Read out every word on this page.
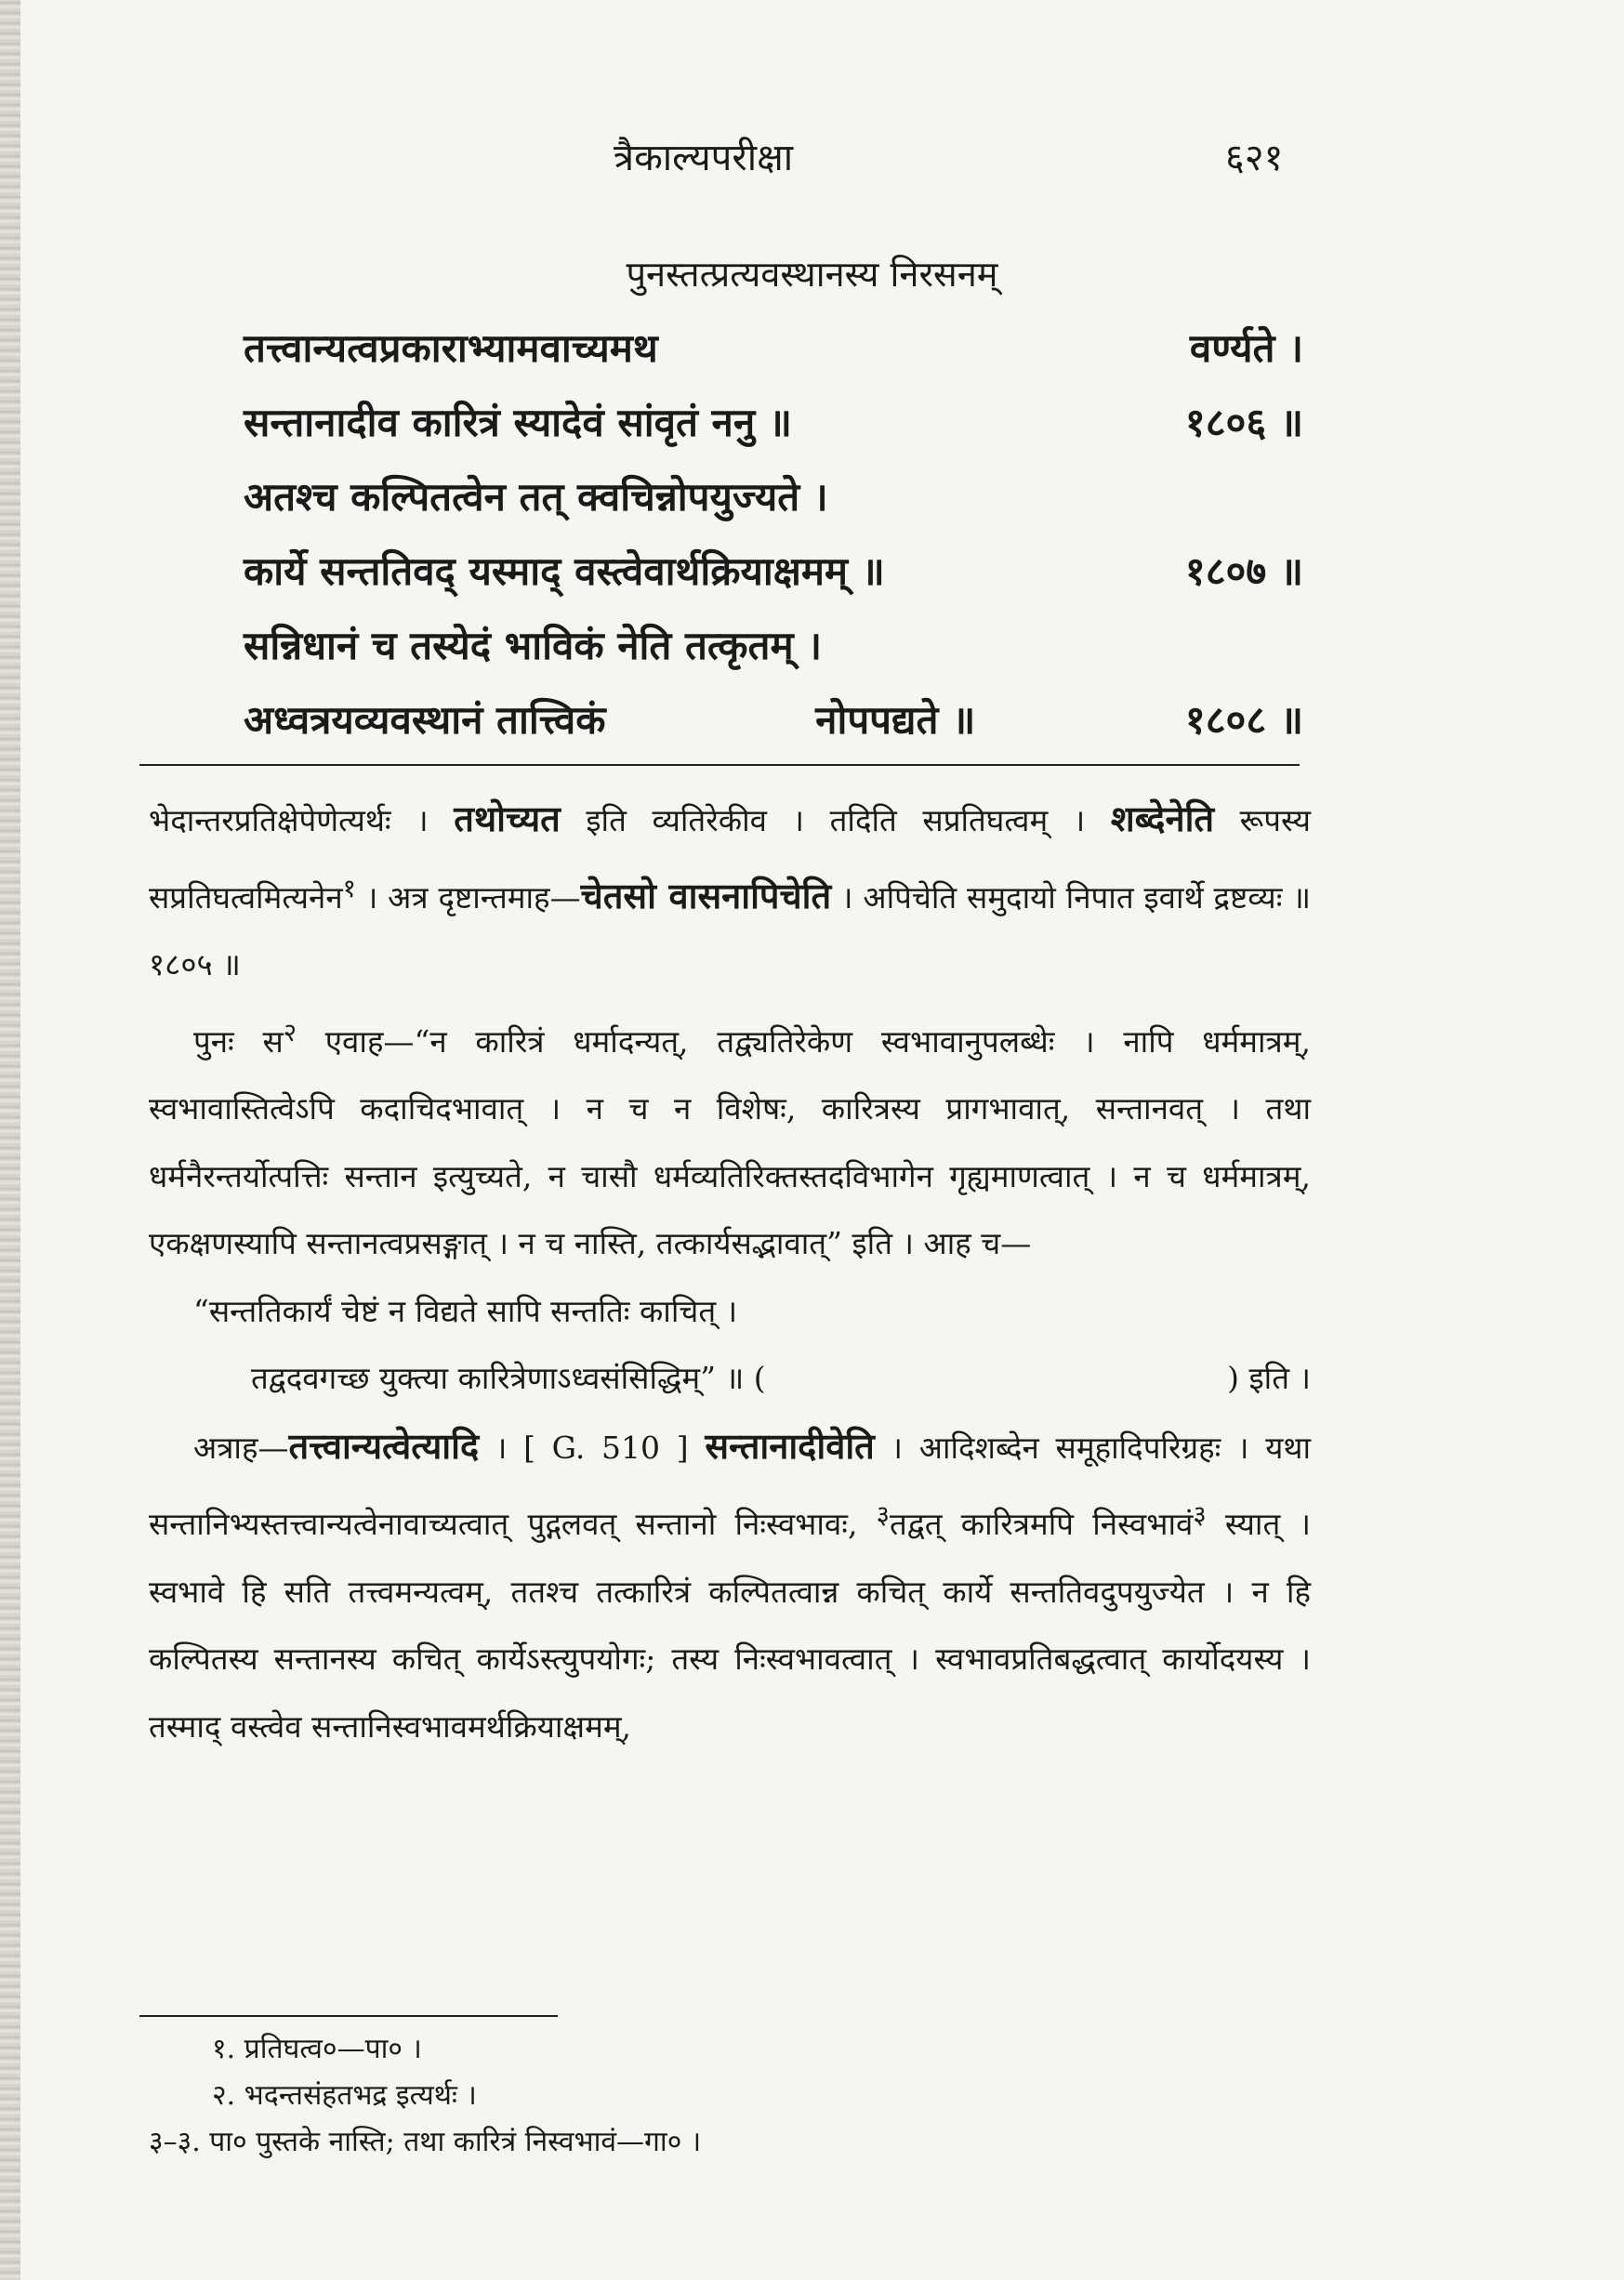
त्रैकाल्यपरीक्षा	६२१
पुनस्तत्प्रत्यवस्थानस्य निरसनम्
तत्त्वान्यत्वप्रकाराभ्यामवाच्यमथ	वर्ण्यते ।
सन्तानादीव कारित्रं स्यादेवं सांवृतं ननु ॥	१८०६ ॥
अतश्च कल्पितत्वेन तत् क्वचिन्नोपयुज्यते ।
कार्ये सन्ततिवद् यस्माद् वस्त्वेवार्थक्रियाक्षमम् ॥	१८०७ ॥
सन्निधानं च तस्येदं भाविकं नेति तत्कृतम् ।
अध्वत्रयव्यवस्थानं तात्त्विकं	नोपपद्यते ॥	१८०८ ॥

भेदान्तरप्रतिक्षेपेणेत्यर्थः । तथोच्यत इति व्यतिरेकीव । तदिति सप्रतिघत्वम् । शब्देनेति रूपस्य सप्रतिघत्वमित्यनेन$^१$ । अत्र दृष्टान्तमाह—चेतसो वासनापिचेति । अपिचेति समुदायो निपात इवार्थे द्रष्टव्यः ॥ १८०५ ॥

पुनः स$^२$ एवाह—“न कारित्रं धर्मादन्यत्, तद्व्यतिरेकेण स्वभावानुपलब्धेः । नापि धर्ममात्रम्, स्वभावास्तित्वेऽपि कदाचिदभावात् । न च न विशेषः, कारित्रस्य प्रागभावात्, सन्तानवत् । तथा धर्मनैरन्तर्योत्पत्तिः सन्तान इत्युच्यते, न चासौ धर्मव्यतिरिक्तस्तदविभागेन गृह्यमाणत्वात् । न च धर्ममात्रम्, एकक्षणस्यापि सन्तानत्वप्रसङ्गात् । न च नास्ति, तत्कार्यसद्भावात्” इति । आह च—

“सन्ततिकार्यं चेष्टं न विद्यते सापि सन्ततिः काचित् ।
तद्वदवगच्छ युक्त्या कारित्रेणाऽध्वसंसिद्धिम्” ॥ (	) इति ।

अत्राह—तत्त्वान्यत्वेत्यादि । [ G. 510 ] सन्तानादीवेति । आदिशब्देन समूहादिपरिग्रहः । यथा सन्तानिभ्यस्तत्त्वान्यत्वेनावाच्यत्वात् पुद्गलवत् सन्तानो निःस्वभावः, $^३$तद्वत् कारित्रमपि निस्वभावं$^३$ स्यात् । स्वभावे हि सति तत्त्वमन्यत्वम्, ततश्च तत्कारित्रं कल्पितत्वान्न कचित् कार्ये सन्ततिवदुपयुज्येत । न हि कल्पितस्य सन्तानस्य कचित् कार्येऽस्त्युपयोगः; तस्य निःस्वभावत्वात् । स्वभावप्रतिबद्धत्वात् कार्योदयस्य । तस्माद् वस्त्वेव सन्तानिस्वभावमर्थक्रियाक्षमम्,

१. प्रतिघत्व०—पा० ।
२. भदन्तसंहतभद्र इत्यर्थः ।
३–३. पा० पुस्तके नास्ति; तथा कारित्रं निस्वभावं—गा० ।
